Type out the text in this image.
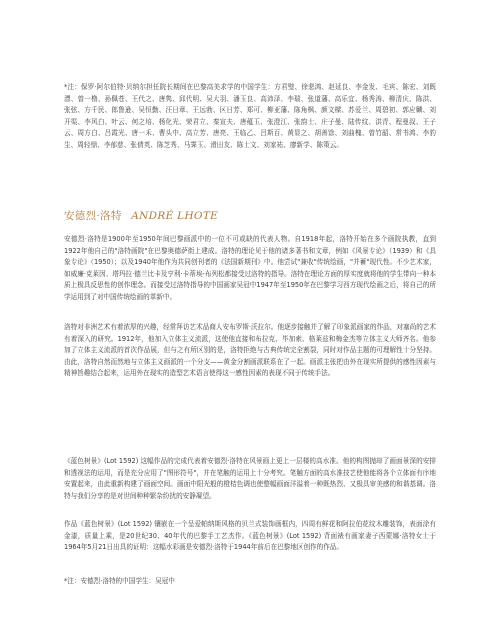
*注：保罗·阿尔伯特·贝纳尔担任院长期间在巴黎高美求学的中国学生：方君璧、徐悲鸿、赵延良、李金发、毛宾、陈宏、刘既漂、曾一橹、孙佩苍、王代之、唐隽、邱代明、吴大羽、潘玉良、高沛泽、李瑞、张道藩、高乐宜、杨秀涛、柳清庆、陈洪、张弦、方千民、郎鲁逊、吴恒勤、汪日章、王远勃、区日芳、郑可、柳亚藩、陈角枫、颜文樑、苏爱兰、周碧初、郭应麟、刘开渠、李风白、叶云、何之培、杨化光、荣君立、秦宣夫、唐蕴玉、张澄江、张韵士、庄子曼、陆传纹、洪青、程曼叔、王子云、周方白、吕霞光、唐一禾、曹头中、高立芳、唐亮、王临乙、吕斯百、黄显之、胡善馀、刘曲槐、曾竹韶、常书鸿、李豹生、周轻鼎、李郁慈、张倩英、陈芝秀、马霁玉、滑田友、陈士文、刘家祐、廖新学、陈策云。

安德烈·洛特 ANDRÉ LHOTE

安德烈·洛特是1900年至1950年间巴黎画派中的一位不可或缺的代表人物。自1918年起，洛特开始在多个画院执教，直到1922年他自己的"洛特画院"在巴黎奥德萨街上建成。洛特的理论见于他的诸多著书和文章，例如《风景专论》（1939）和《具象专论》（1950）；以及1940年他作为共同创刊者的《法国新期刊》中。他尝试"兼收"传统绘画，"并蓄"现代性。不少艺术家，如威廉·克莱因、塔玛拉·德兰比卡及亨利·卡蒂埃-布列松都接受过洛特的指导。洛特在理论方面的厚实度就将他的学生带向一种本质上极具反思性的创作理念。而接受过洛特指导的中国画家吴冠中1947年至1950年在巴黎学习西方现代绘画之后，将自己的所学运用到了对中国传统绘画的革新中。

洛特对非洲艺术有着浓厚的兴趣，经常拜访艺术品商人安布罗斯·沃拉尔。他逐步接触并了解了印象派画家的作品，对塞尚的艺术有着深入的研究。1912年，他加入立体主义流派，这使他直接和布拉克、毕加索、格莱兹和梅金杰等立体主义大师齐名。他参加了立体主义流派的首次作品展，但与之有所区别的是，洛特拒绝与古典传统完全割裂，同时对作品主题的可理解性十分坚持。由此，洛特自然而然地与立体主义画派的一个分支——黄金分割画派联系在了一起。画派主张把由外在现实所提供的感性因素与精神旨趣结合起来，运用外在现实的造型艺术语言使得这一感性因素的表现不同于传统手法。

《蓝色树景》(Lot 1592) 这幅作品的完成代表着安德烈·洛特在风景画上更上一层楼的高水准。他的构图抛却了画面景深的安排和透视法的运用，而是充分应用了"图形符号"，并在笔触的运用上十分考究。笔触方面的高水准技艺使他能将各个立体面有序地安置起来，由此重新构建了画面空间。画面中阳光般的橙桔色调也使整幅画面洋溢着一种既热烈、又极具审美感的和谐基调。洛特与我们分享的是对世间种种繁杂纷扰的安静凝望。

作品《蓝色树景》(Lot 1592) 镶嵌在一个呈爱帕纳斯风格的贝兰式装饰画框内，四周有鲜花和阿拉伯花纹木雕装饰，表面涂有金漆，质量上乘，是20世纪30、40年代的巴黎手工艺杰作。《蓝色树景》(Lot 1592) 背面裱有画家妻子西蒙娜·洛特女士于1964年5月21日出具的证明：这幅水彩画是安德烈·洛特于1944年前后在巴黎地区创作的作品。

*注：安德烈·洛特的中国学生：吴冠中
